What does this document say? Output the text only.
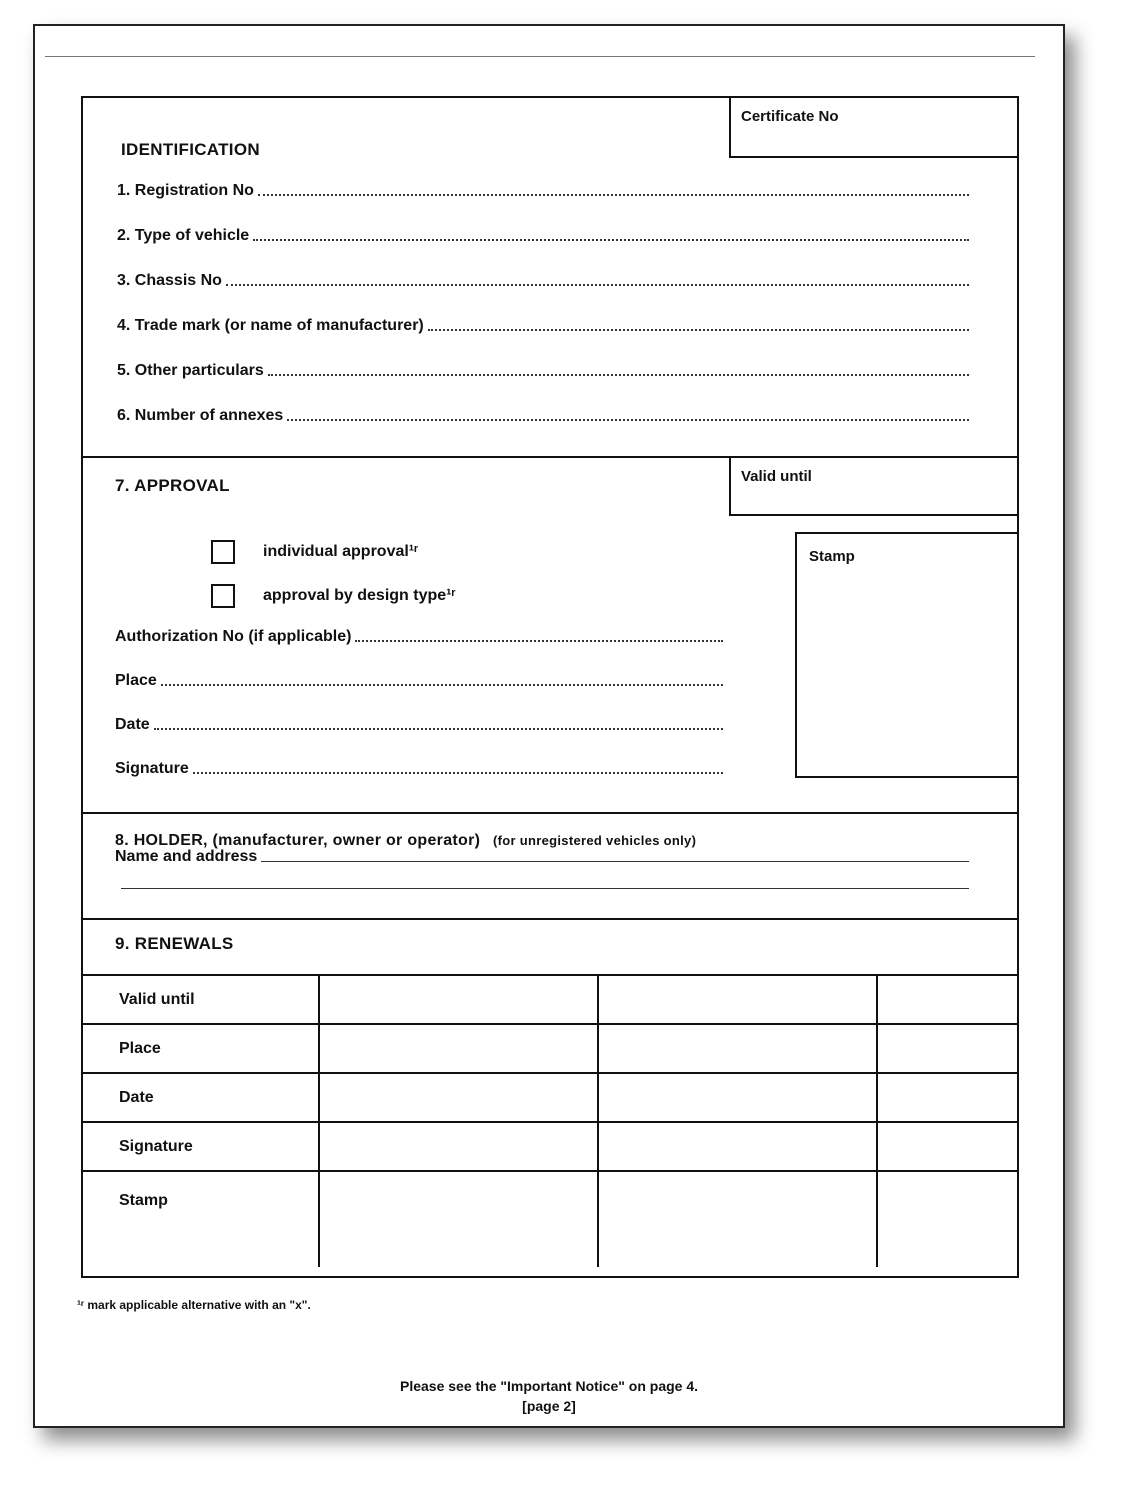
IDENTIFICATION
Certificate No
1. Registration No
2. Type of vehicle
3. Chassis No
4. Trade mark (or name of manufacturer)
5. Other particulars
6. Number of annexes
7. APPROVAL	Valid until
individual approval¹ʳ
approval by design type¹ʳ
Authorization No (if applicable)
Place
Date
Signature
Stamp
8. HOLDER, (manufacturer, owner or operator) (for unregistered vehicles only)
Name and address
9. RENEWALS
Valid until			
Place			
Date			
Signature			
Stamp			
¹ʳ mark applicable alternative with an "x".
Please see the "Important Notice" on page 4.
[page 2]
